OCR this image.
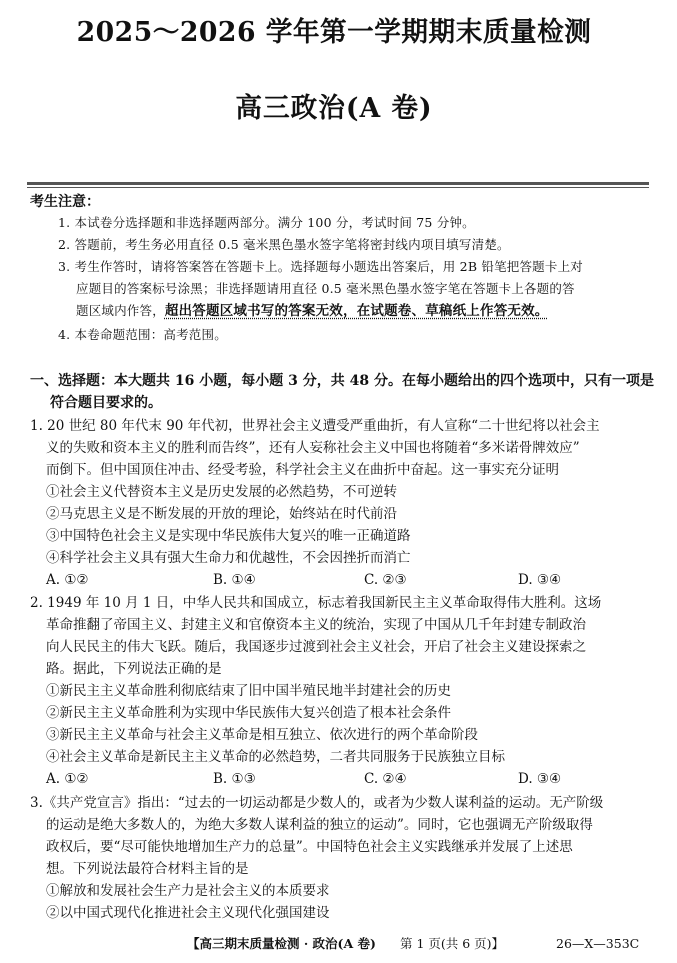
2025～2026 学年第一学期期末质量检测
高三政治(A 卷)
考生注意：
1. 本试卷分选择题和非选择题两部分。满分 100 分，考试时间 75 分钟。
2. 答题前，考生务必用直径 0.5 毫米黑色墨水签字笔将密封线内项目填写清楚。
3. 考生作答时，请将答案答在答题卡上。选择题每小题选出答案后，用 2B 铅笔把答题卡上对
应题目的答案标号涂黑；非选择题请用直径 0.5 毫米黑色墨水签字笔在答题卡上各题的答
题区域内作答，超出答题区域书写的答案无效，在试题卷、草稿纸上作答无效。
4. 本卷命题范围：高考范围。
一、选择题：本大题共 16 小题，每小题 3 分，共 48 分。在每小题给出的四个选项中，只有一项是
符合题目要求的。
1. 20 世纪 80 年代末 90 年代初，世界社会主义遭受严重曲折，有人宣称“二十世纪将以社会主
义的失败和资本主义的胜利而告终”，还有人妄称社会主义中国也将随着“多米诺骨牌效应”
而倒下。但中国顶住冲击、经受考验，科学社会主义在曲折中奋起。这一事实充分证明
①社会主义代替资本主义是历史发展的必然趋势，不可逆转
②马克思主义是不断发展的开放的理论，始终站在时代前沿
③中国特色社会主义是实现中华民族伟大复兴的唯一正确道路
④科学社会主义具有强大生命力和优越性，不会因挫折而消亡
A. ①②	B. ①④	C. ②③	D. ③④
2. 1949 年 10 月 1 日，中华人民共和国成立，标志着我国新民主主义革命取得伟大胜利。这场
革命推翻了帝国主义、封建主义和官僚资本主义的统治，实现了中国从几千年封建专制政治
向人民民主的伟大飞跃。随后，我国逐步过渡到社会主义社会，开启了社会主义建设探索之
路。据此，下列说法正确的是
①新民主主义革命胜利彻底结束了旧中国半殖民地半封建社会的历史
②新民主主义革命胜利为实现中华民族伟大复兴创造了根本社会条件
③新民主主义革命与社会主义革命是相互独立、依次进行的两个革命阶段
④社会主义革命是新民主主义革命的必然趋势，二者共同服务于民族独立目标
A. ①②	B. ①③	C. ②④	D. ③④
3.《共产党宣言》指出：“过去的一切运动都是少数人的，或者为少数人谋利益的运动。无产阶级
的运动是绝大多数人的，为绝大多数人谋利益的独立的运动”。同时，它也强调无产阶级取得
政权后，要“尽可能快地增加生产力的总量”。中国特色社会主义实践继承并发展了上述思
想。下列说法最符合材料主旨的是
①解放和发展社会生产力是社会主义的本质要求
②以中国式现代化推进社会主义现代化强国建设
【高三期末质量检测 · 政治(A 卷) 第 1 页(共 6 页)】	26—X—353C
